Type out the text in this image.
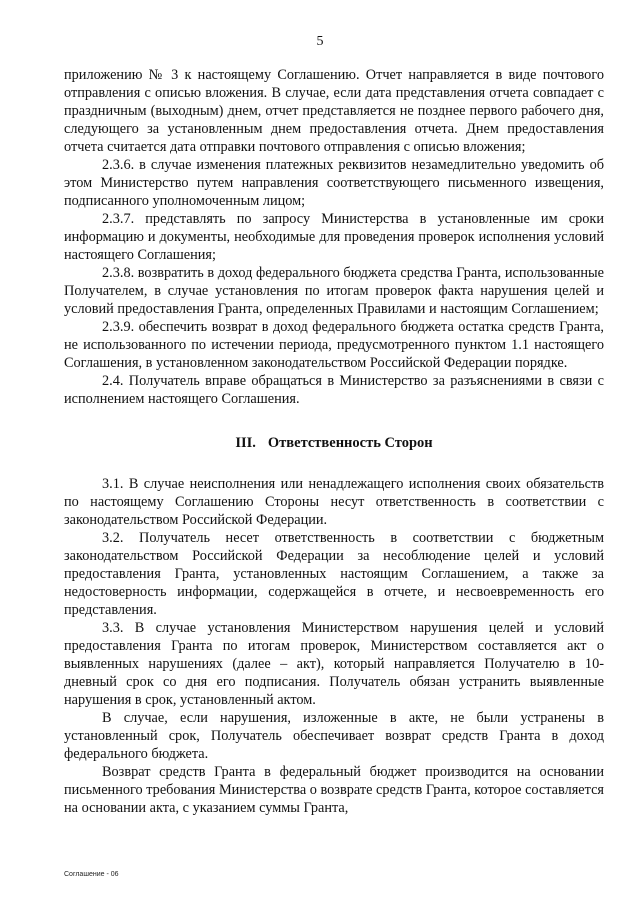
5

приложению № 3 к настоящему Соглашению. Отчет направляется в виде почтового отправления с описью вложения. В случае, если дата представления отчета совпадает с праздничным (выходным) днем, отчет представляется не позднее первого рабочего дня, следующего за установленным днем предоставления отчета. Днем предоставления отчета считается дата отправки почтового отправления с описью вложения;

2.3.6. в случае изменения платежных реквизитов незамедлительно уведомить об этом Министерство путем направления соответствующего письменного извещения, подписанного уполномоченным лицом;

2.3.7. представлять по запросу Министерства в установленные им сроки информацию и документы, необходимые для проведения проверок исполнения условий настоящего Соглашения;

2.3.8. возвратить в доход федерального бюджета средства Гранта, использованные Получателем, в случае установления по итогам проверок факта нарушения целей и условий предоставления Гранта, определенных Правилами и настоящим Соглашением;

2.3.9. обеспечить возврат в доход федерального бюджета остатка средств Гранта, не использованного по истечении периода, предусмотренного пунктом 1.1 настоящего Соглашения, в установленном законодательством Российской Федерации порядке.

2.4. Получатель вправе обращаться в Министерство за разъяснениями в связи с исполнением настоящего Соглашения.

III. Ответственность Сторон

3.1. В случае неисполнения или ненадлежащего исполнения своих обязательств по настоящему Соглашению Стороны несут ответственность в соответствии с законодательством Российской Федерации.

3.2. Получатель несет ответственность в соответствии с бюджетным законодательством Российской Федерации за несоблюдение целей и условий предоставления Гранта, установленных настоящим Соглашением, а также за недостоверность информации, содержащейся в отчете, и несвоевременность его представления.

3.3. В случае установления Министерством нарушения целей и условий предоставления Гранта по итогам проверок, Министерством составляется акт о выявленных нарушениях (далее – акт), который направляется Получателю в 10-дневный срок со дня его подписания. Получатель обязан устранить выявленные нарушения в срок, установленный актом.

В случае, если нарушения, изложенные в акте, не были устранены в установленный срок, Получатель обеспечивает возврат средств Гранта в доход федерального бюджета.

Возврат средств Гранта в федеральный бюджет производится на основании письменного требования Министерства о возврате средств Гранта, которое составляется на основании акта, с указанием суммы Гранта,

Соглашение - 06
